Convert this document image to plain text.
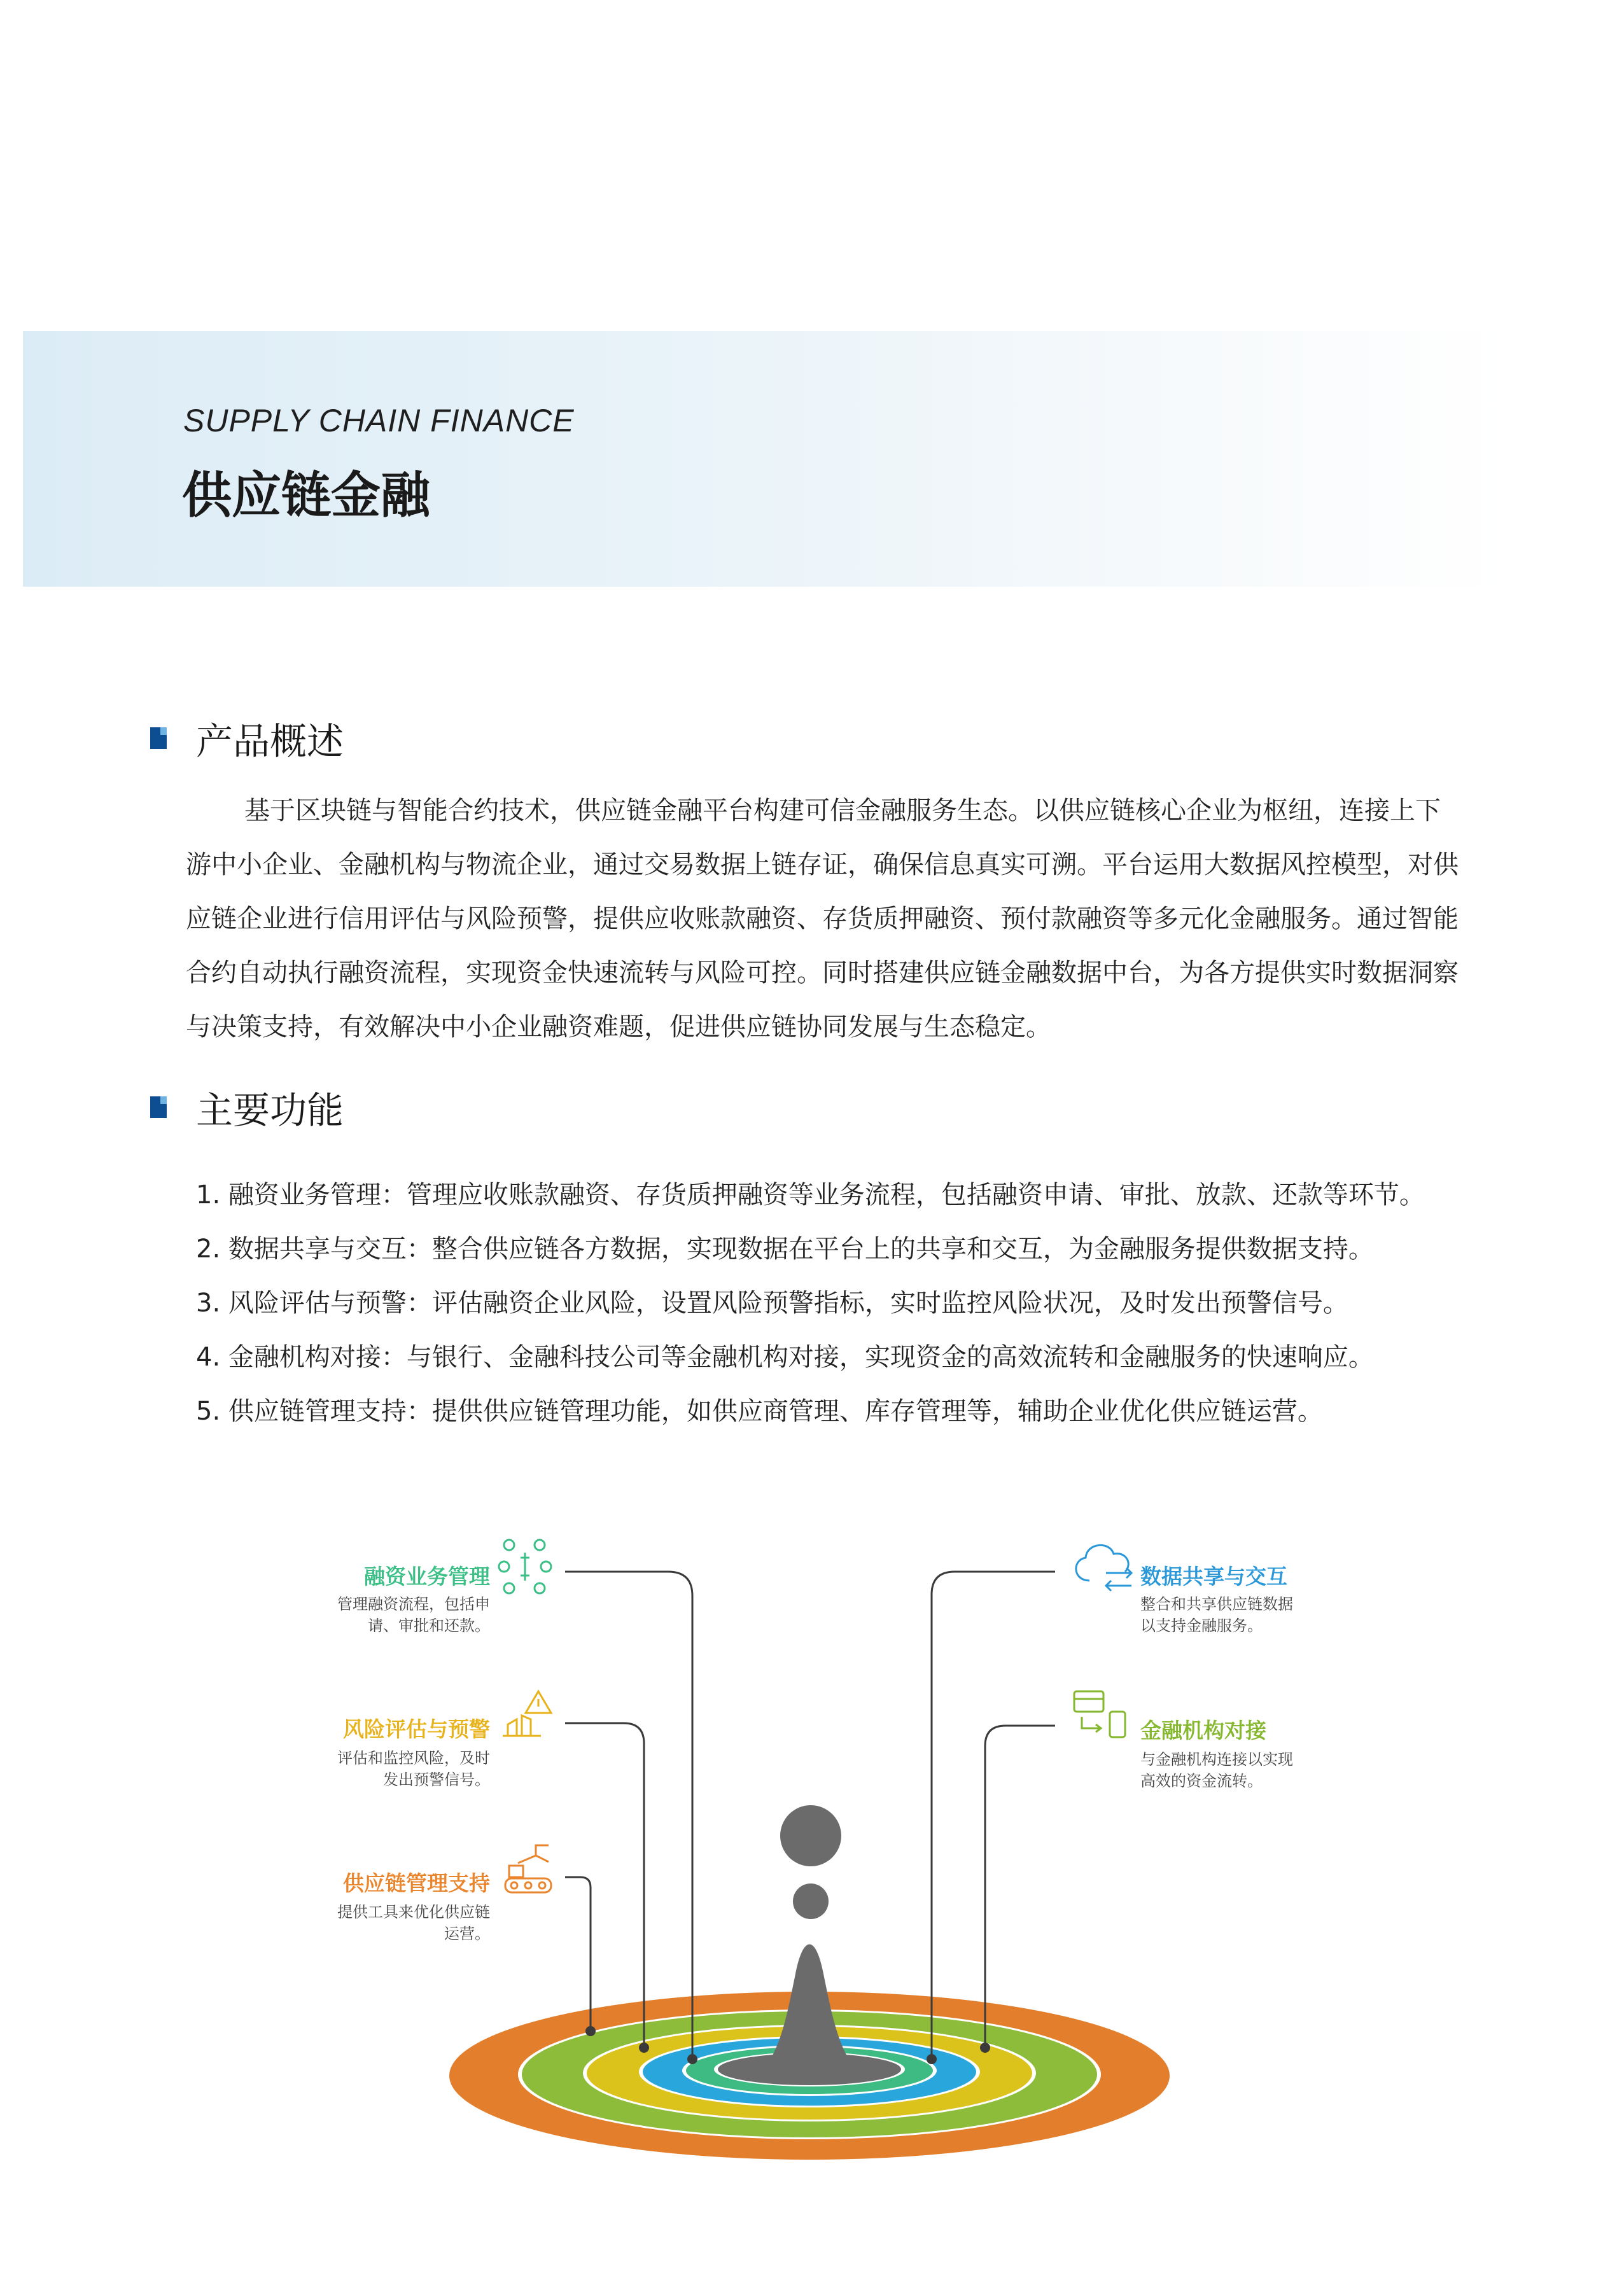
SUPPLY CHAIN FINANCE
供应链金融
产品概述
基于区块链与智能合约技术，供应链金融平台构建可信金融服务生态。以供应链核心企业为枢纽，连接上下游中小企业、金融机构与物流企业，通过交易数据上链存证，确保信息真实可溯。平台运用大数据风控模型，对供应链企业进行信用评估与风险预警，提供应收账款融资、存货质押融资、预付款融资等多元化金融服务。通过智能合约自动执行融资流程，实现资金快速流转与风险可控。同时搭建供应链金融数据中台，为各方提供实时数据洞察与决策支持，有效解决中小企业融资难题，促进供应链协同发展与生态稳定。
主要功能
1. 融资业务管理：管理应收账款融资、存货质押融资等业务流程，包括融资申请、审批、放款、还款等环节。
2. 数据共享与交互：整合供应链各方数据，实现数据在平台上的共享和交互，为金融服务提供数据支持。
3. 风险评估与预警：评估融资企业风险，设置风险预警指标，实时监控风险状况，及时发出预警信号。
4. 金融机构对接：与银行、金融科技公司等金融机构对接，实现资金的高效流转和金融服务的快速响应。
5. 供应链管理支持：提供供应链管理功能，如供应商管理、库存管理等，辅助企业优化供应链运营。
融资业务管理
管理融资流程，包括申
请、审批和还款。
风险评估与预警
评估和监控风险，及时
发出预警信号。
供应链管理支持
提供工具来优化供应链
运营。
数据共享与交互
整合和共享供应链数据
以支持金融服务。
金融机构对接
与金融机构连接以实现
高效的资金流转。
